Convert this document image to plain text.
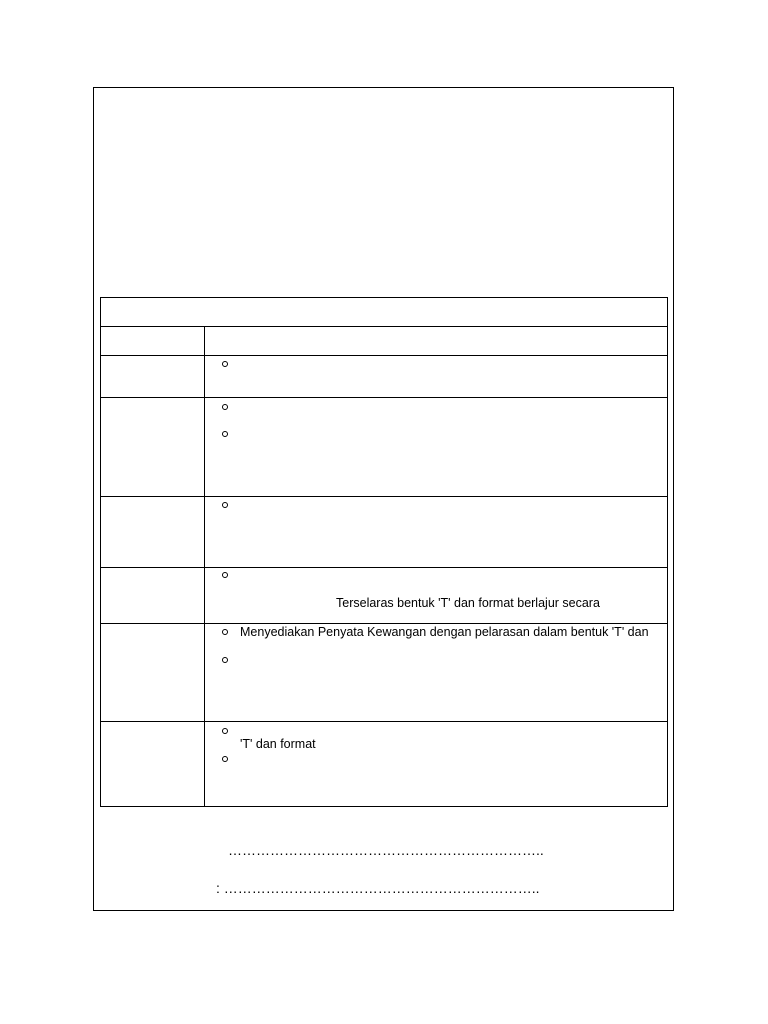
Terselaras bentuk 'T' dan format berlajur secara
Menyediakan Penyata Kewangan dengan pelarasan dalam bentuk 'T' dan
'T' dan format
…………………………………………………………..
: …………………………………………………………..
